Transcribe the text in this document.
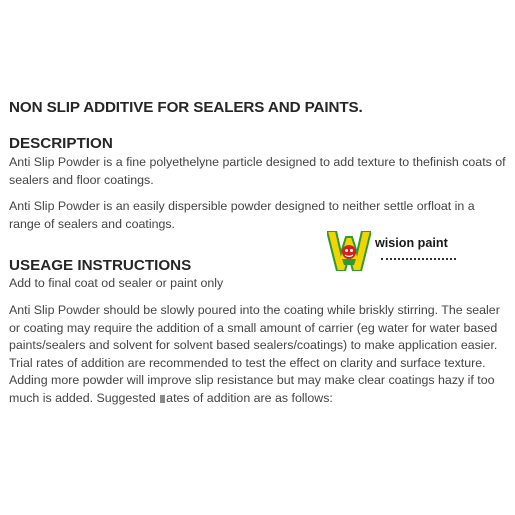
NON SLIP ADDITIVE FOR SEALERS AND PAINTS.
DESCRIPTION

Anti Slip Powder is a fine polyethelyne particle designed to add texture to thefinish coats of sealers and floor coatings.

Anti Slip Powder is an easily dispersible powder designed to neither settle orfloat in a range of sealers and coatings.

USEAGE INSTRUCTIONS

Add to final coat od sealer or paint only

Anti Slip Powder should be slowly poured into the coating while briskly stirring. The sealer or coating may require the addition of a small amount of carrier (eg water for water based paints/sealers and solvent for solvent based sealers/coatings) to make application easier. Trial rates of addition are recommended to test the effect on clarity and surface texture. Adding more powder will improve slip resistance but may make clear coatings hazy if too much is added. Suggested ates of addition are as follows:

wision paint
